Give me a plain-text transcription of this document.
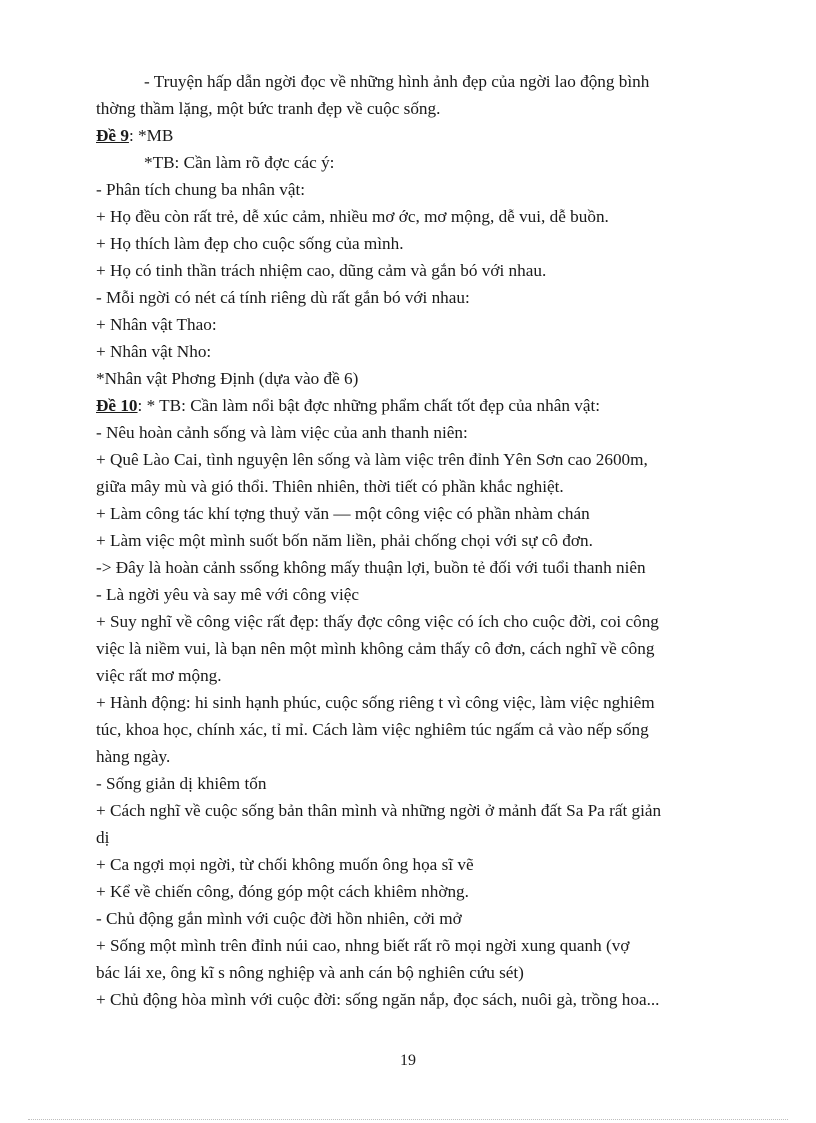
- Truyện hấp dẫn ngời đọc về những hình ảnh đẹp của ngời lao động bình

thờng thầm lặng, một bức tranh đẹp về cuộc sống.

Đề 9: *MB

*TB: Cần làm rõ đợc các ý:

- Phân tích chung ba nhân vật:

+ Họ đều còn rất trẻ, dễ xúc cảm, nhiều mơ ớc, mơ mộng, dễ vui, dễ buồn.

+ Họ thích làm đẹp cho cuộc sống của mình.

+ Họ có tinh thần trách nhiệm cao, dũng cảm và gắn bó với nhau.

- Mỗi ngời có nét cá tính riêng dù rất gắn bó với nhau:

+ Nhân vật Thao:

+ Nhân vật Nho:

*Nhân vật Phơng Định (dựa vào đề 6)

Đề 10: * TB: Cần làm nổi bật đợc những phẩm chất tốt đẹp của nhân vật:

- Nêu hoàn cảnh sống và làm việc của anh thanh niên:

+ Quê Lào Cai, tình nguyện lên sống và làm việc trên đỉnh Yên Sơn cao 2600m,

giữa mây mù và gió thổi. Thiên nhiên, thời tiết có phần khắc nghiệt.

+ Làm công tác khí tợng thuỷ văn — một công việc có phần nhàm chán

+ Làm việc một mình suốt bốn năm liền, phải chống chọi với sự cô đơn.

-> Đây là hoàn cảnh ssống không mấy thuận lợi, buồn tẻ đối với tuổi thanh niên

- Là ngời yêu và say mê với công việc

+ Suy nghĩ về công việc rất đẹp: thấy đợc công việc có ích cho cuộc đời, coi công

việc là niềm vui, là bạn nên một mình không cảm thấy cô đơn, cách nghĩ về công

việc rất mơ mộng.

+ Hành động: hi sinh hạnh phúc, cuộc sống riêng t vì công việc, làm việc nghiêm

túc, khoa học, chính xác, tỉ mỉ. Cách làm việc nghiêm túc ngấm cả vào nếp sống

hàng ngày.

- Sống giản dị khiêm tốn

+ Cách nghĩ về cuộc sống bản thân mình và những ngời ở mảnh đất Sa Pa rất giản

dị

+ Ca ngợi mọi ngời, từ chối không muốn ông họa sĩ vẽ

+ Kể về chiến công, đóng góp một cách khiêm nhờng.

- Chủ động gắn mình với cuộc đời hồn nhiên, cởi mở

+ Sống một mình trên đỉnh núi cao, nhng biết rất rõ mọi ngời xung quanh (vợ

bác lái xe, ông kĩ s nông nghiệp và anh cán bộ nghiên cứu sét)

+ Chủ động hòa mình với cuộc đời: sống ngăn nắp, đọc sách, nuôi gà, trồng hoa...

19
